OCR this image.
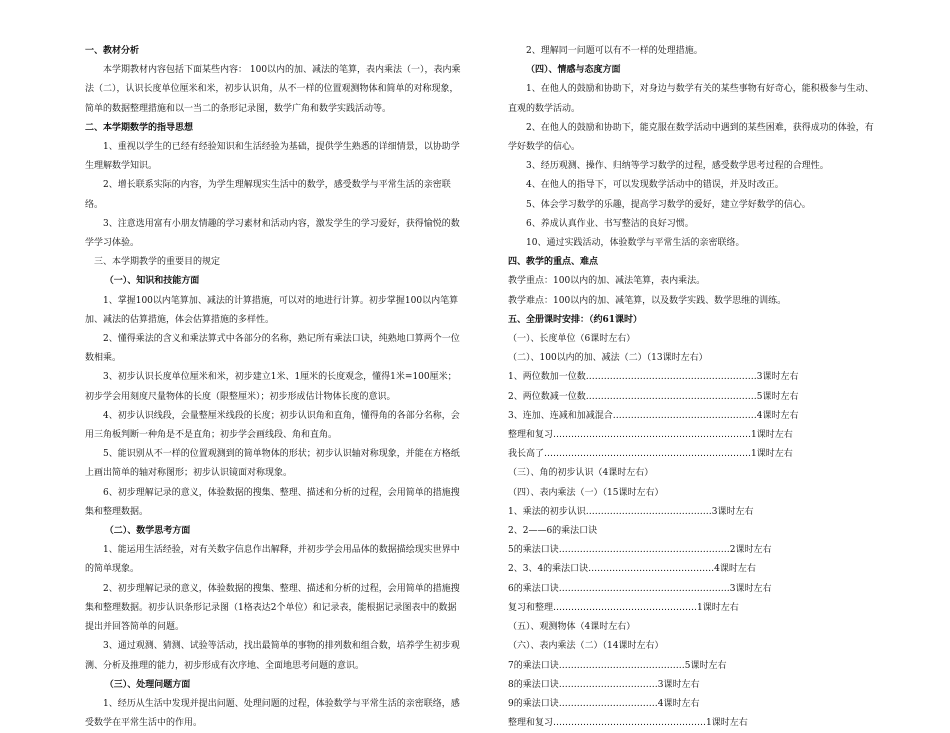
一、教材分析
本学期教材内容包括下面某些内容： 100以内的加、减法的笔算，表内乘法（一），表内乘法（二），认识长度单位厘米和米，初步认识角，从不一样的位置观测物体和简单的对称现象，简单的数据整理措施和以一当二的条形记录图，数学广角和数学实践活动等。
二、本学期数学的指导思想
1、重视以学生的已经有经验知识和生活经验为基础，提供学生熟悉的详细情景，以协助学生理解数学知识。
2、增长联系实际的内容，为学生理解现实生活中的数学，感受数学与平常生活的亲密联络。
3、注意选用富有小朋友情趣的学习素材和活动内容，激发学生的学习爱好，获得愉悦的数学学习体验。
三、本学期教学的重要目的规定
（一）、知识和技能方面
1、掌握100以内笔算加、减法的计算措施，可以对的地进行计算。初步掌握100以内笔算加、减法的估算措施，体会估算措施的多样性。
2、懂得乘法的含义和乘法算式中各部分的名称，熟记所有乘法口诀，纯熟地口算两个一位数相乘。
3、初步认识长度单位厘米和米，初步建立1米、1厘米的长度观念，懂得1米=100厘米；初步学会用刻度尺量物体的长度（限整厘米）；初步形成估计物体长度的意识。
4、初步认识线段，会量整厘米线段的长度；初步认识角和直角，懂得角的各部分名称，会用三角板判断一种角是不是直角；初步学会画线段、角和直角。
5、能识别从不一样的位置观测到的简单物体的形状；初步认识轴对称现象，并能在方格纸上画出简单的轴对称图形；初步认识镜面对称现象。
6、初步理解记录的意义，体验数据的搜集、整理、描述和分析的过程，会用简单的措施搜集和整理数据。
（二）、数学思考方面
1、能运用生活经验，对有关数字信息作出解释，并初步学会用品体的数据描绘现实世界中的简单现象。
2、初步理解记录的意义，体验数据的搜集、整理、描述和分析的过程，会用简单的措施搜集和整理数据。初步认识条形记录图（1格表达2个单位）和记录表，能根据记录图表中的数据提出并回答简单的问题。
3、通过观测、猜测、试验等活动，找出最简单的事物的排列数和组合数，培养学生初步观测、分析及推理的能力，初步形成有次序地、全面地思考问题的意识。
（三）、处理问题方面
1、经历从生活中发现并提出问题、处理问题的过程，体验数学与平常生活的亲密联络，感受数学在平常生活中的作用。
2、理解同一问题可以有不一样的处理措施。
（四）、情感与态度方面
1、在他人的鼓励和协助下，对身边与数学有关的某些事物有好奇心，能积极参与生动、直观的数学活动。
2、在他人的鼓励和协助下，能克服在数学活动中遇到的某些困难，获得成功的体验，有学好数学的信心。
3、经历观测、操作、归纳等学习数学的过程，感受数学思考过程的合理性。
4、在他人的指导下，可以发现数学活动中的错误，并及时改正。
5、体会学习数学的乐趣，提高学习数学的爱好，建立学好数学的信心。
6、养成认真作业、书写整洁的良好习惯。
10、通过实践活动，体验数学与平常生活的亲密联络。
四、教学的重点、难点
教学重点：100以内的加、减法笔算，表内乘法。
教学难点：100以内的加、减笔算，以及数学实践、数学思维的训练。
五、全册课时安排：（约61课时）
（一）、长度单位（6课时左右）
（二）、100以内的加、减法（二）（13课时左右）
1、两位数加一位数…………………………………………………3课时左右
2、两位数减一位数…………………………………………………5课时左右
3、连加、连减和加减混合…………………………………………4课时左右
整理和复习…………………………………………………………1课时左右
我长高了……………………………………………………………1课时左右
（三）、角的初步认识（4课时左右）
（四）、表内乘法（一）（15课时左右）
1、乘法的初步认识……………………………………3课时左右
2、2——6的乘法口诀
5的乘法口诀…………………………………………………2课时左右
2、3、4的乘法口诀……………………………………4课时左右
6的乘法口诀…………………………………………………3课时左右
复习和整理…………………………………………1课时左右
（五）、观测物体（4课时左右）
（六）、表内乘法（二）（14课时左右）
7的乘法口诀……………………………………5课时左右
8的乘法口诀……………………………3课时左右
9的乘法口诀……………………………4课时左右
整理和复习……………………………………………1课时左右
